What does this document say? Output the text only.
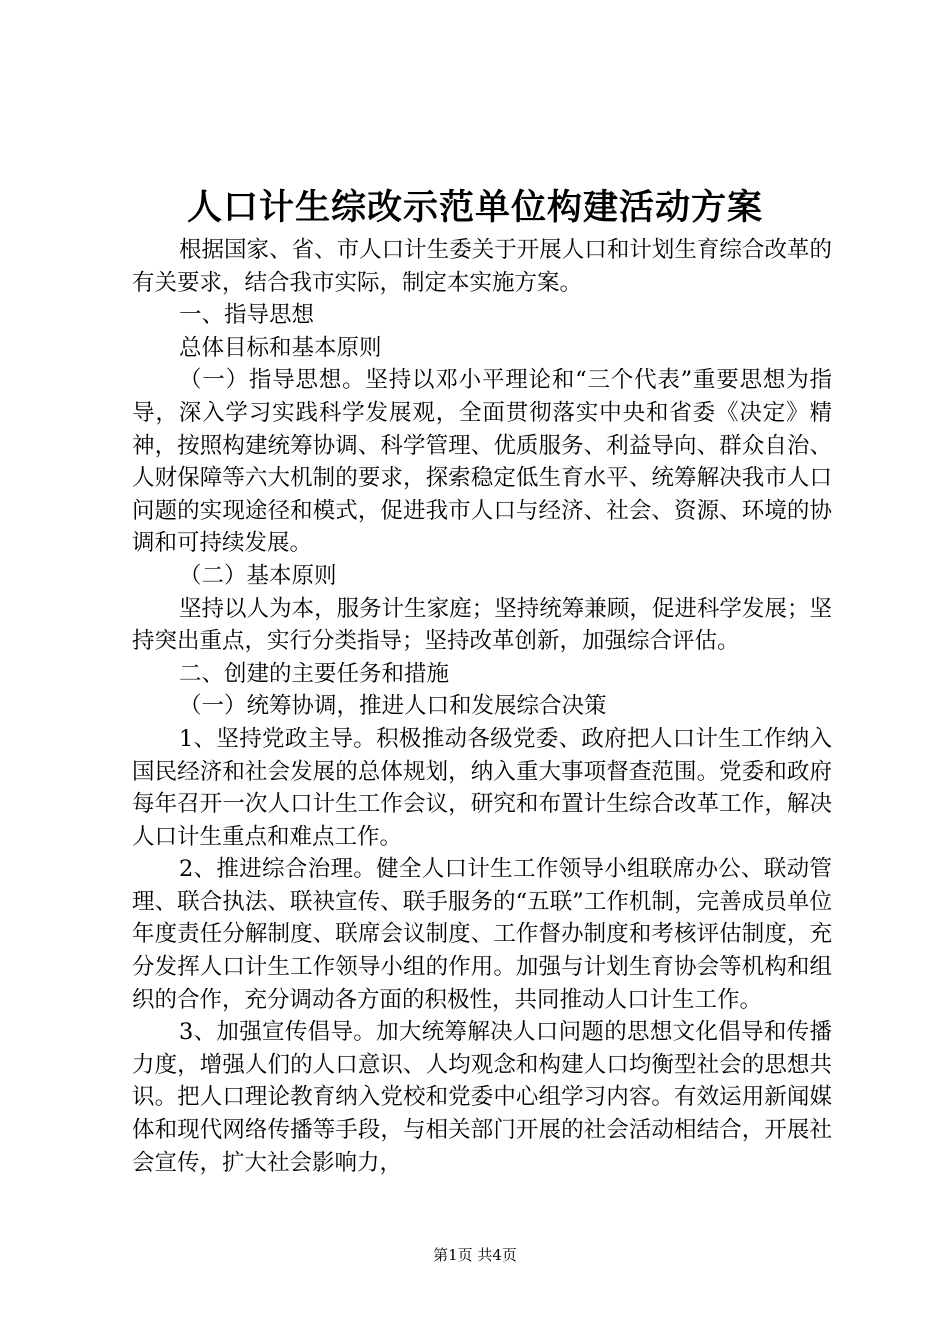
人口计生综改示范单位构建活动方案

根据国家、省、市人口计生委关于开展人口和计划生育综合改革的有关要求，结合我市实际，制定本实施方案。

一、指导思想

总体目标和基本原则

（一）指导思想。坚持以邓小平理论和“三个代表”重要思想为指导，深入学习实践科学发展观，全面贯彻落实中央和省委《决定》精神，按照构建统筹协调、科学管理、优质服务、利益导向、群众自治、人财保障等六大机制的要求，探索稳定低生育水平、统筹解决我市人口问题的实现途径和模式，促进我市人口与经济、社会、资源、环境的协调和可持续发展。

（二）基本原则

坚持以人为本，服务计生家庭；坚持统筹兼顾，促进科学发展；坚持突出重点，实行分类指导；坚持改革创新，加强综合评估。

二、创建的主要任务和措施

（一）统筹协调，推进人口和发展综合决策

1、坚持党政主导。积极推动各级党委、政府把人口计生工作纳入国民经济和社会发展的总体规划，纳入重大事项督查范围。党委和政府每年召开一次人口计生工作会议，研究和布置计生综合改革工作，解决人口计生重点和难点工作。

2、推进综合治理。健全人口计生工作领导小组联席办公、联动管理、联合执法、联袂宣传、联手服务的“五联”工作机制，完善成员单位年度责任分解制度、联席会议制度、工作督办制度和考核评估制度，充分发挥人口计生工作领导小组的作用。加强与计划生育协会等机构和组织的合作，充分调动各方面的积极性，共同推动人口计生工作。

3、加强宣传倡导。加大统筹解决人口问题的思想文化倡导和传播力度，增强人们的人口意识、人均观念和构建人口均衡型社会的思想共识。把人口理论教育纳入党校和党委中心组学习内容。有效运用新闻媒体和现代网络传播等手段，与相关部门开展的社会活动相结合，开展社会宣传，扩大社会影响力，

第1页 共4页
